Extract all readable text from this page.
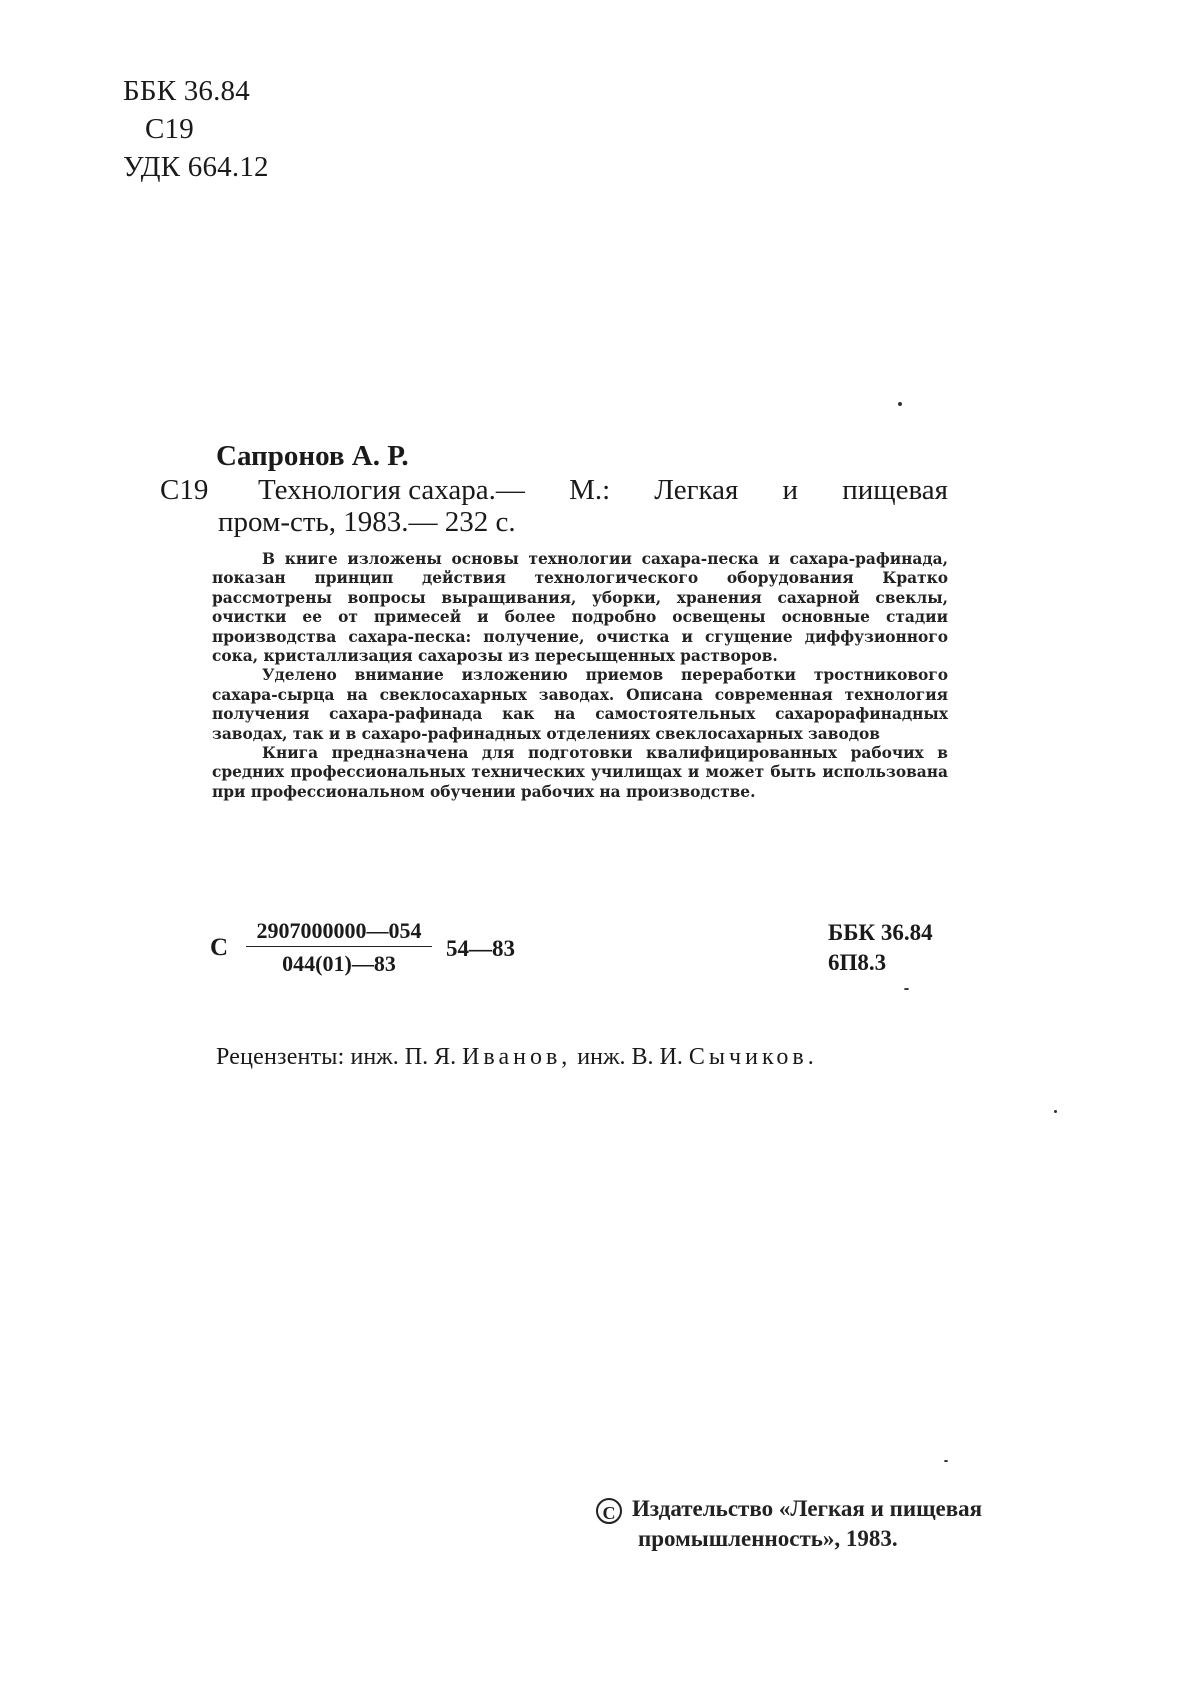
ББК 36.84
С19
УДК 664.12
Сапронов А. Р.
С19 Технология сахара.— М.: Легкая и пищевая
пром-сть, 1983.— 232 с.

В книге изложены основы технологии сахара-песка и сахара-рафинада, показан принцип действия технологического оборудования Кратко рассмотрены вопросы выращивания, уборки, хранения сахарной свеклы, очистки ее от примесей и более подробно освещены основные стадии производства сахара-песка: получение, очистка и сгущение диффузионного сока, кристаллизация сахарозы из пересыщенных растворов.

Уделено внимание изложению приемов переработки тростникового сахара-сырца на свеклосахарных заводах. Описана современная технология получения сахара-рафинада как на самостоятельных сахарорафинадных заводах, так и в сахаро-рафинадных отделениях свеклосахарных заводов

Книга предназначена для подготовки квалифицированных рабочих в средних профессиональных технических училищах и может быть использована при профессиональном обучении рабочих на производстве.

С $\frac{2907000000—054}{044(01)—83}$ 54—83
ББК 36.84
6П8.3
Рецензенты: инж. П. Я. Иванов, инж. В. И. Сычиков.
C Издательство «Легкая и пищевая
промышленность», 1983.
